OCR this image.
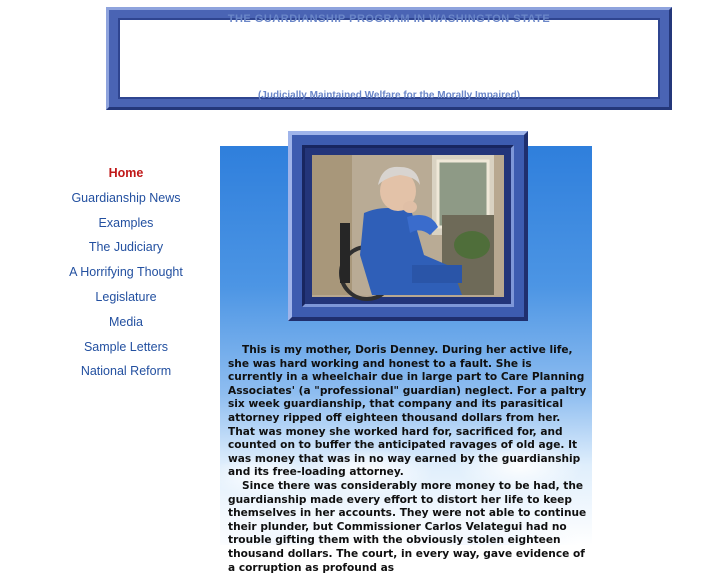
THE GUARDIANSHIP PROGRAM IN WASHINGTON STATE
(Judicially Maintained Welfare for the Morally Impaired)
Home
Guardianship News
Examples
The Judiciary
A Horrifying Thought
Legislature
Media
Sample Letters
National Reform

This is my mother, Doris Denney. During her active life, she was hard working and honest to a fault. She is currently in a wheelchair due in large part to Care Planning Associates' (a "professional" guardian) neglect. For a paltry six week guardianship, that company and its parasitical attorney ripped off eighteen thousand dollars from her. That was money she worked hard for, sacrificed for, and counted on to buffer the anticipated ravages of old age. It was money that was in no way earned by the guardianship and its free-loading attorney.

Since there was considerably more money to be had, the guardianship made every effort to distort her life to keep themselves in her accounts. They were not able to continue their plunder, but Commissioner Carlos Velategui had no trouble gifting them with the obviously stolen eighteen thousand dollars. The court, in every way, gave evidence of a corruption as profound as
